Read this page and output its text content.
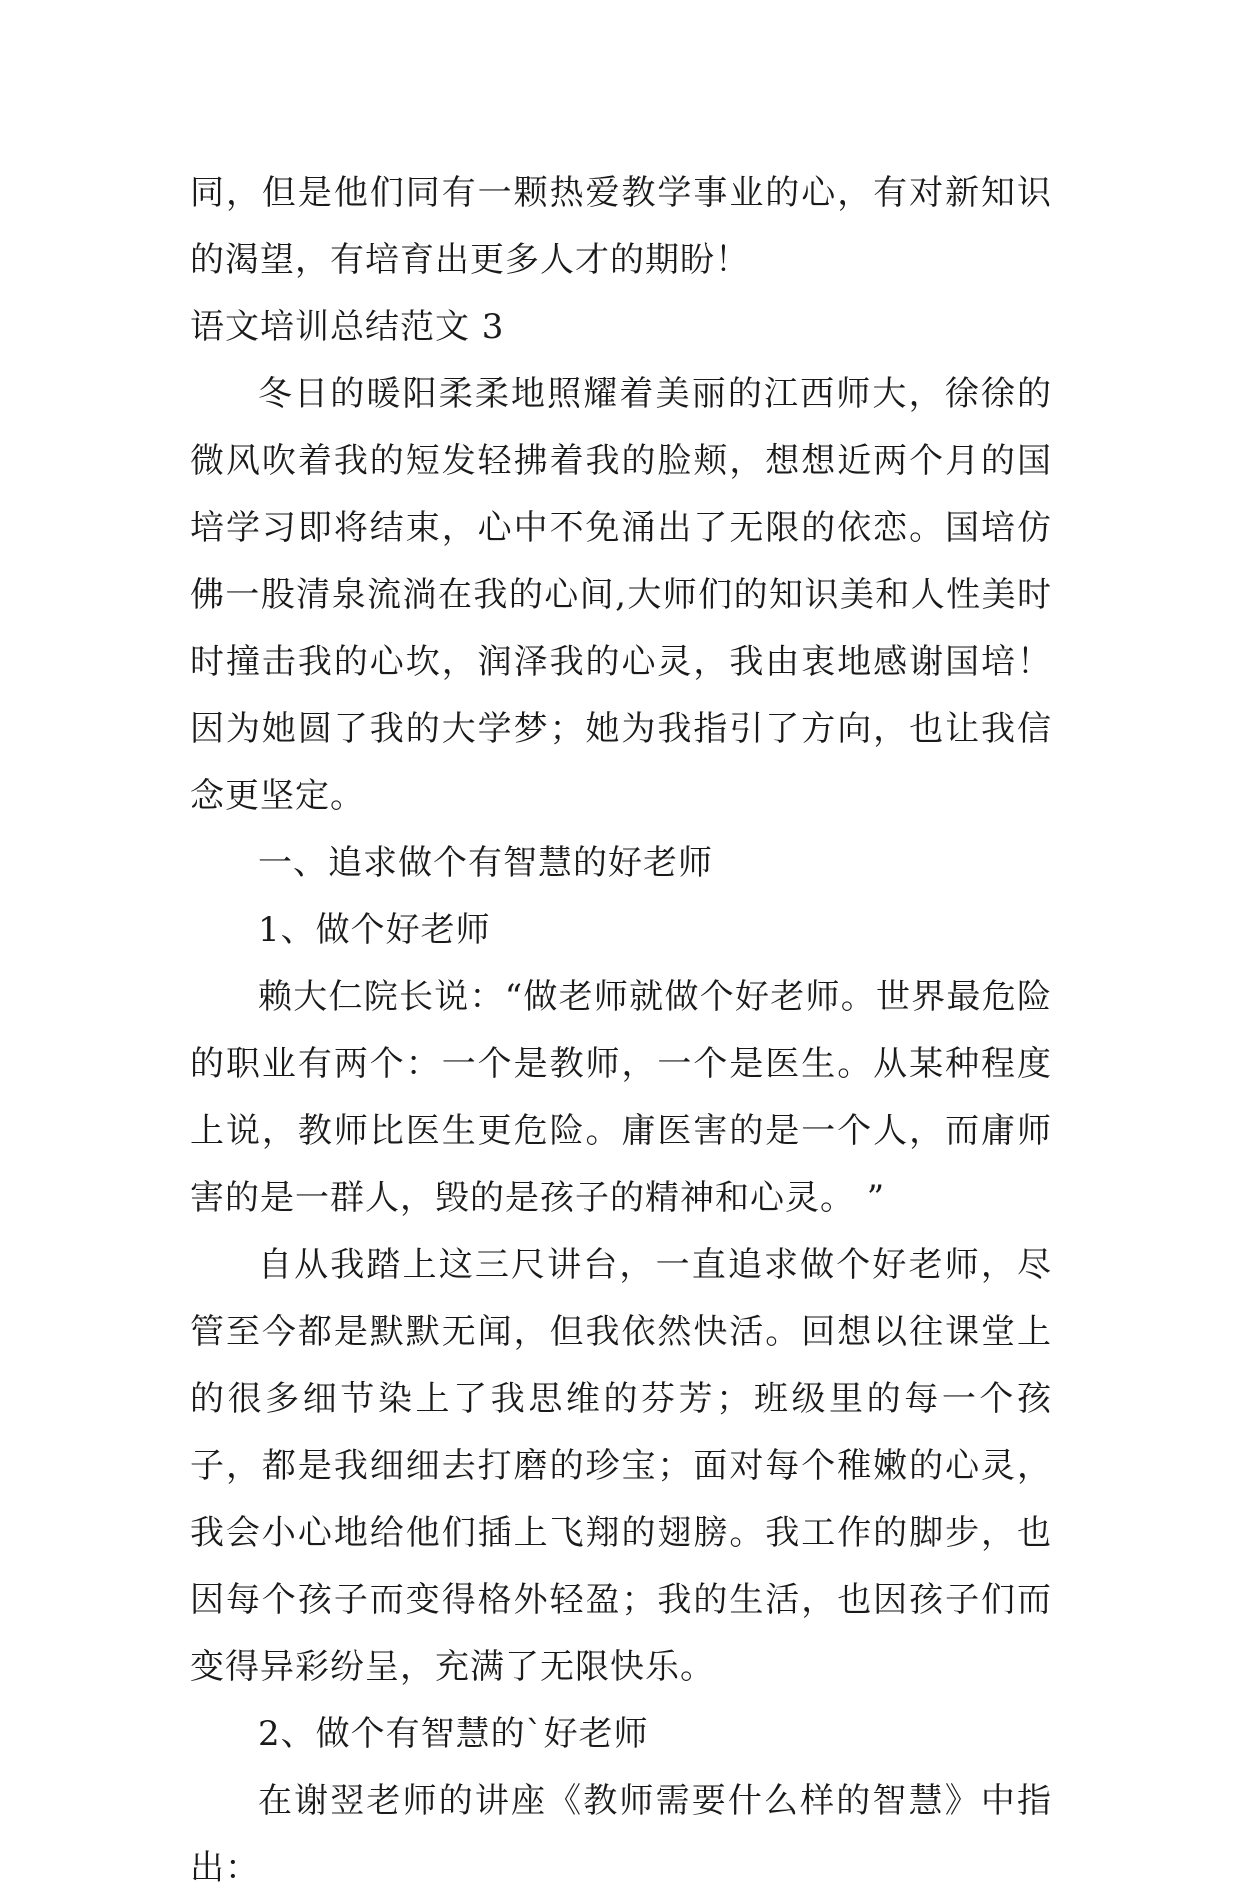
同，但是他们同有一颗热爱教学事业的心，有对新知识的渴望，有培育出更多人才的期盼！

语文培训总结范文 3

冬日的暖阳柔柔地照耀着美丽的江西师大，徐徐的微风吹着我的短发轻拂着我的脸颊，想想近两个月的国培学习即将结束，心中不免涌出了无限的依恋。国培仿佛一股清泉流淌在我的心间,大师们的知识美和人性美时时撞击我的心坎，润泽我的心灵，我由衷地感谢国培！因为她圆了我的大学梦；她为我指引了方向，也让我信念更坚定。

一、追求做个有智慧的好老师

1、做个好老师

赖大仁院长说：“做老师就做个好老师。世界最危险的职业有两个：一个是教师，一个是医生。从某种程度上说，教师比医生更危险。庸医害的是一个人，而庸师害的是一群人，毁的是孩子的精神和心灵。 ”

自从我踏上这三尺讲台，一直追求做个好老师，尽管至今都是默默无闻，但我依然快活。回想以往课堂上的很多细节染上了我思维的芬芳；班级里的每一个孩子，都是我细细去打磨的珍宝；面对每个稚嫩的心灵，我会小心地给他们插上飞翔的翅膀。我工作的脚步，也因每个孩子而变得格外轻盈；我的生活，也因孩子们而变得异彩纷呈，充满了无限快乐。

2、做个有智慧的`好老师

在谢翌老师的讲座《教师需要什么样的智慧》中指出：
